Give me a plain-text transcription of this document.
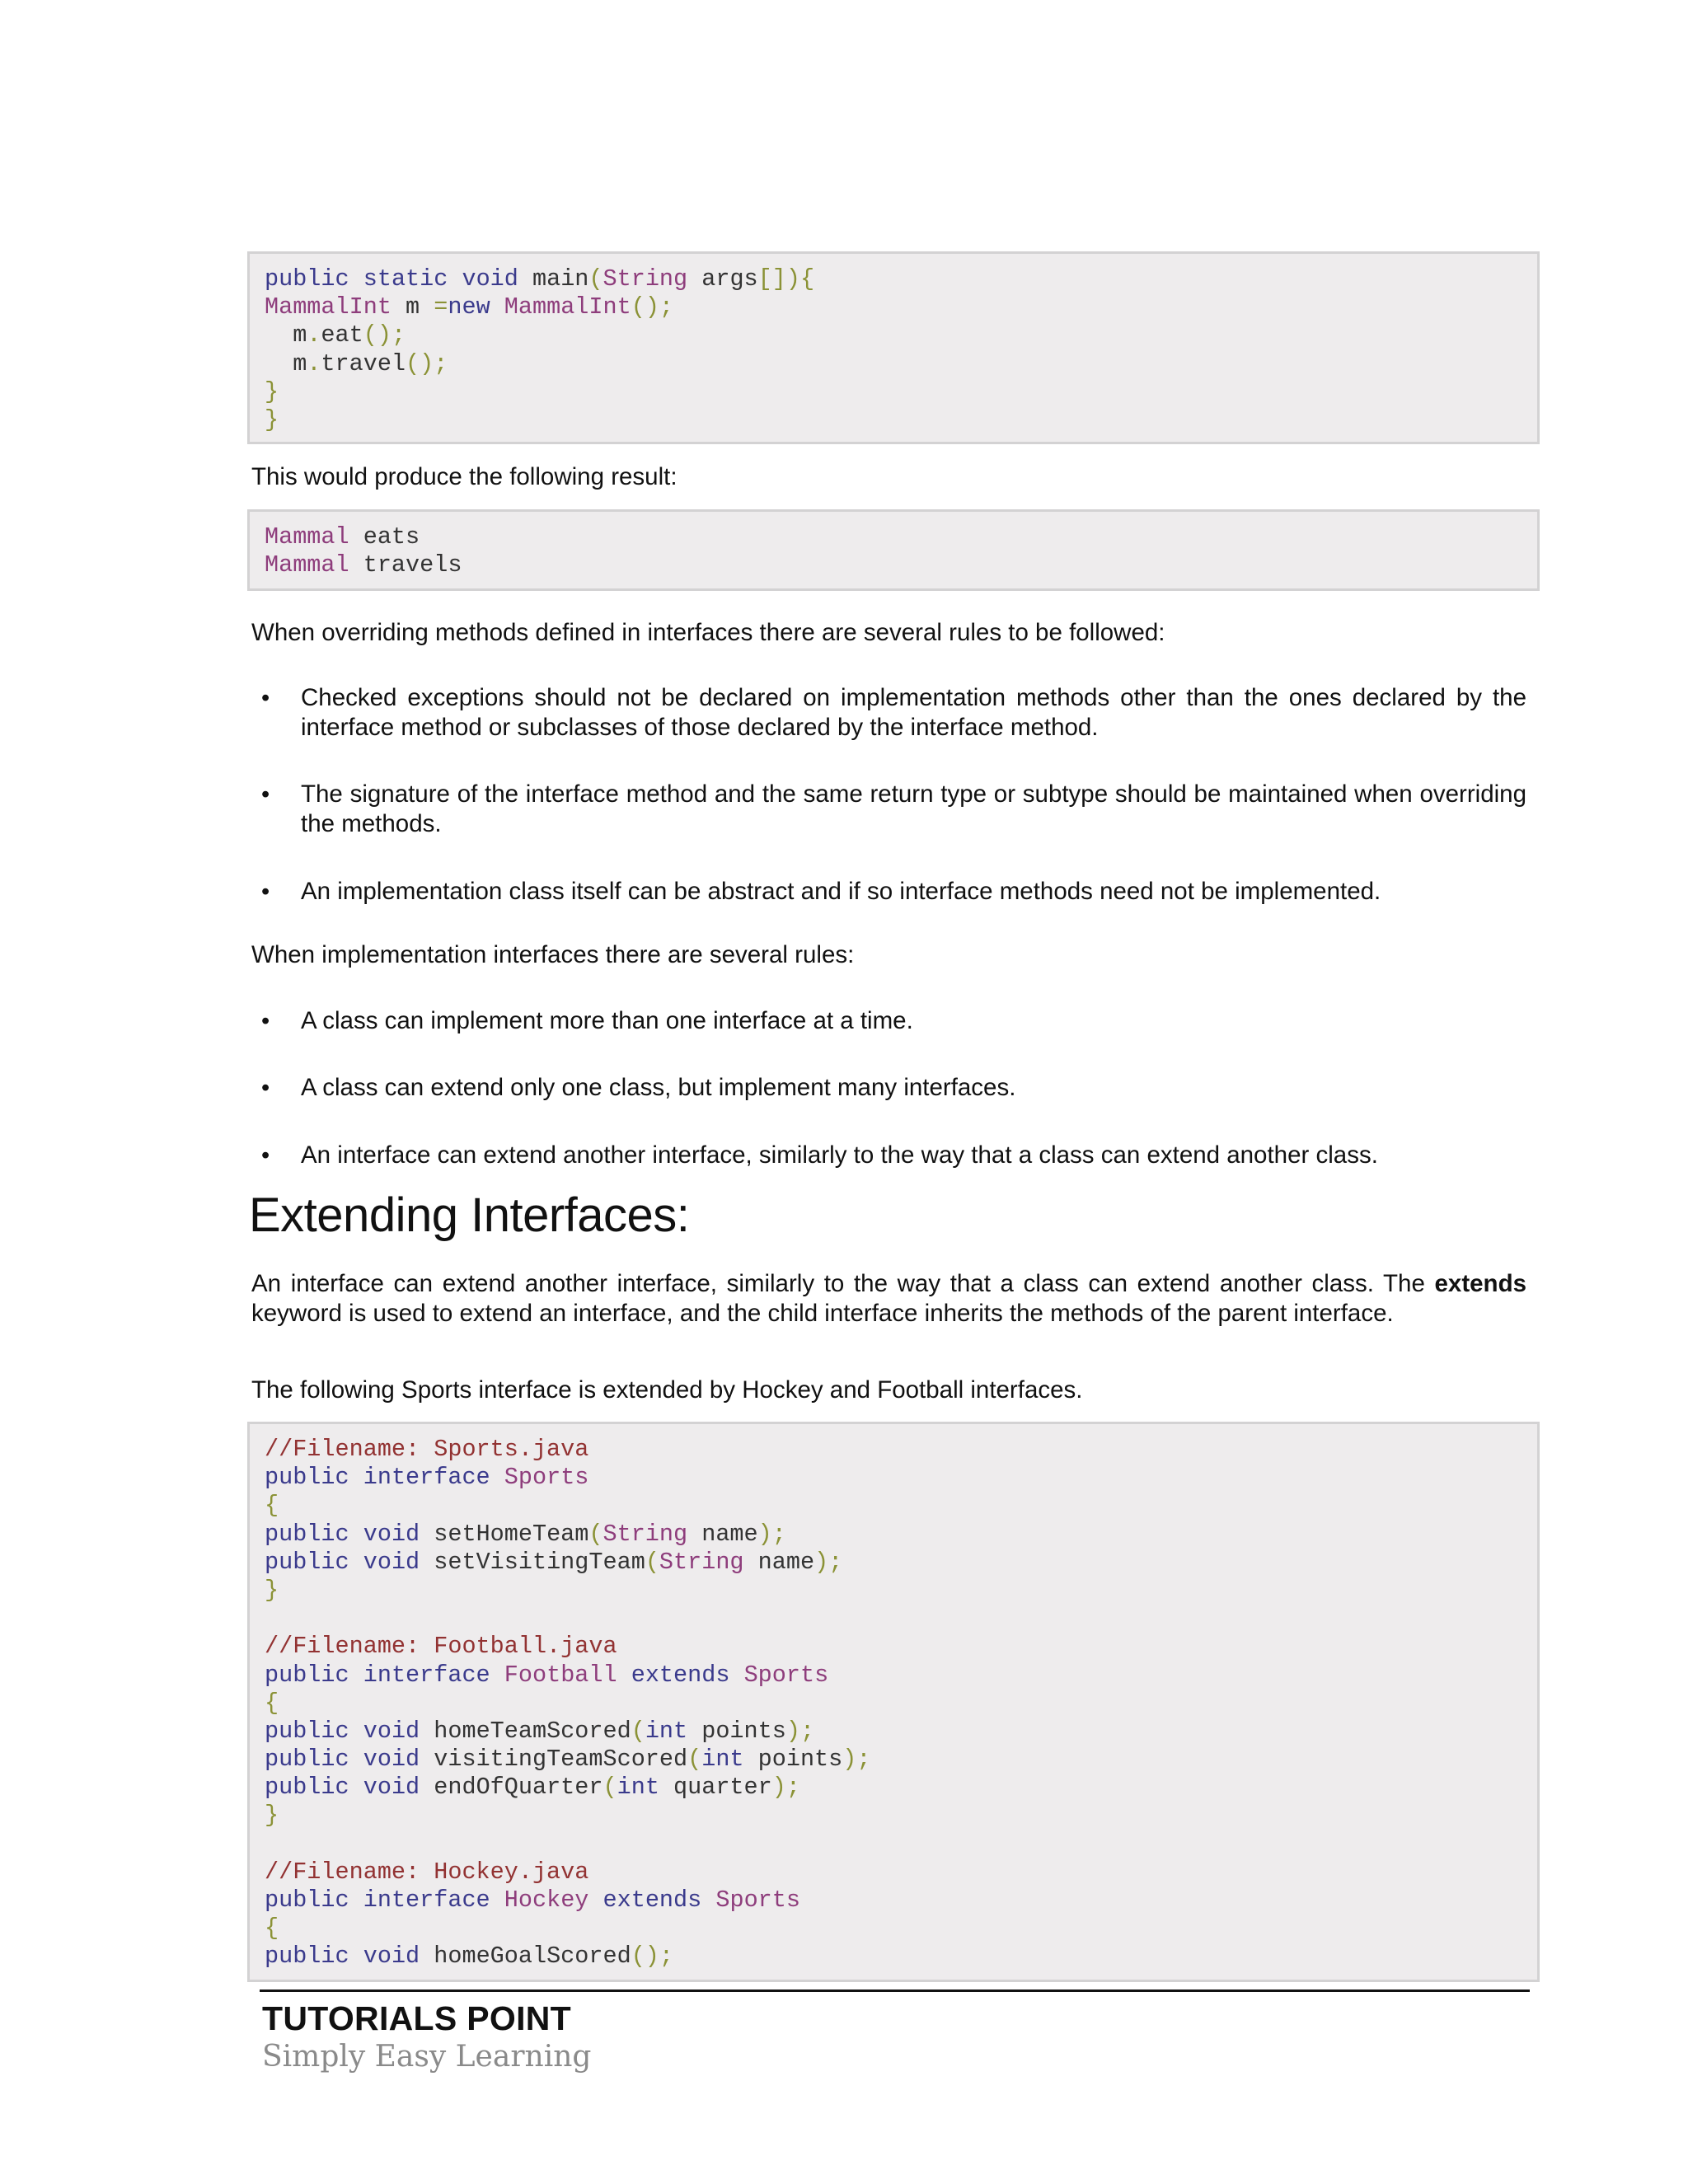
public static void main(String args[]){
MammalInt m =new MammalInt();
m.eat();
m.travel();
}
}

This would produce the following result:

Mammal eats
Mammal travels

When overriding methods defined in interfaces there are several rules to be followed:

• Checked exceptions should not be declared on implementation methods other than the ones declared by the interface method or subclasses of those declared by the interface method.
• The signature of the interface method and the same return type or subtype should be maintained when overriding the methods.
• An implementation class itself can be abstract and if so interface methods need not be implemented.

When implementation interfaces there are several rules:

• A class can implement more than one interface at a time.
• A class can extend only one class, but implement many interfaces.
• An interface can extend another interface, similarly to the way that a class can extend another class.
Extending Interfaces:

An interface can extend another interface, similarly to the way that a class can extend another class. The extends keyword is used to extend an interface, and the child interface inherits the methods of the parent interface.

The following Sports interface is extended by Hockey and Football interfaces.

//Filename: Sports.java
public interface Sports
{
public void setHomeTeam(String name);
public void setVisitingTeam(String name);
}
//Filename: Football.java
public interface Football extends Sports
{
public void homeTeamScored(int points);
public void visitingTeamScored(int points);
public void endOfQuarter(int quarter);
}
//Filename: Hockey.java
public interface Hockey extends Sports
{
public void homeGoalScored();
TUTORIALS POINT
Simply Easy Learning
